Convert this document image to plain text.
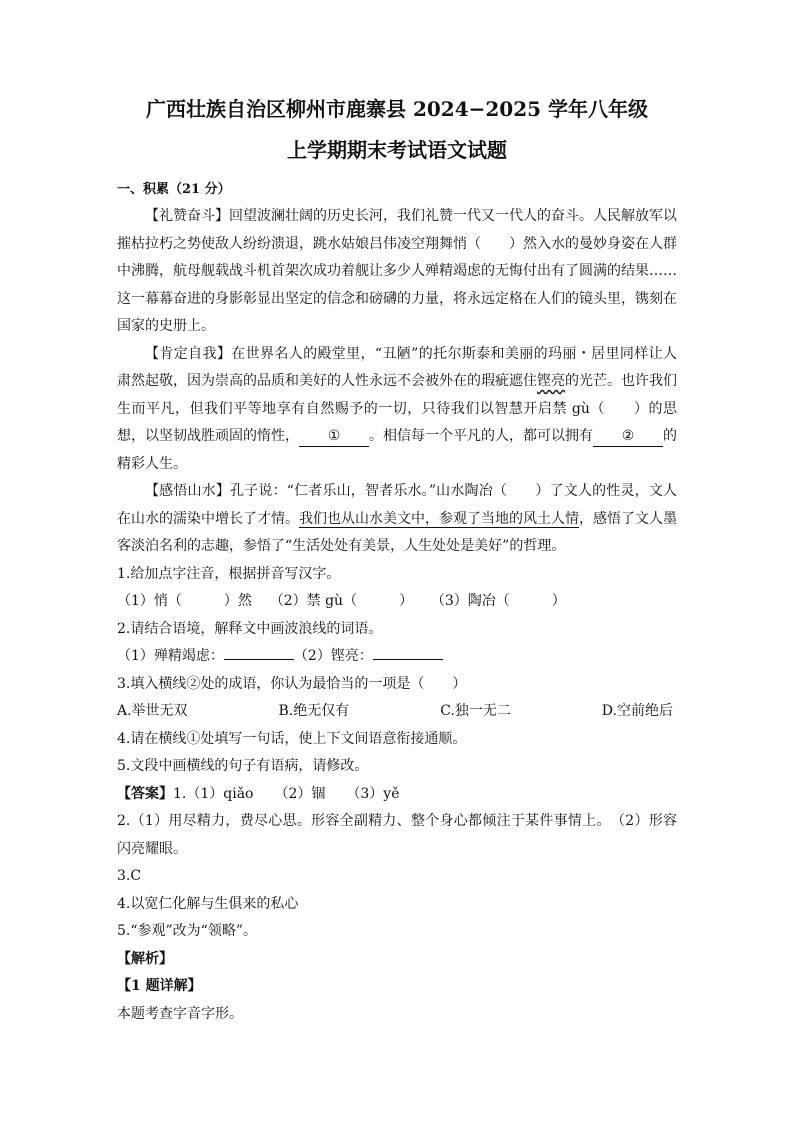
广西壮族自治区柳州市鹿寨县 2024−2025 学年八年级
上学期期末考试语文试题
一、积累（21 分）

【礼赞奋斗】回望波澜壮阔的历史长河，我们礼赞一代又一代人的奋斗。人民解放军以摧枯拉朽之势使敌人纷纷溃退，跳水姑娘吕伟凌空翔舞悄（　　）然入水的曼妙身姿在人群中沸腾，航母舰载战斗机首架次成功着舰让多少人殚精竭虑的无悔付出有了圆满的结果……这一幕幕奋进的身影彰显出坚定的信念和磅礴的力量，将永远定格在人们的镜头里，镌刻在国家的史册上。

【肯定自我】在世界名人的殿堂里，“丑陋”的托尔斯泰和美丽的玛丽・居里同样让人肃然起敬，因为崇高的品质和美好的人性永远不会被外在的瑕疵遮住铿亮的光芒。也许我们生而平凡，但我们平等地享有自然赐予的一切，只待我们以智慧开启禁 gù（　　）的思想，以坚韧战胜顽固的惰性， ① 。相信每一个平凡的人，都可以拥有 ② 的精彩人生。

【感悟山水】孔子说：“仁者乐山，智者乐水。”山水陶冶（　　）了文人的性灵，文人在山水的濡染中增长了才情。我们也从山水美文中，参观了当地的风土人情，感悟了文人墨客淡泊名利的志趣，参悟了“生活处处有美景，人生处处是美好”的哲理。

1.给加点字注音，根据拼音写汉字。
（1）悄（　　　）然 （2）禁 gù（　　　） （3）陶冶（　　　）
2.请结合语境，解释文中画波浪线的词语。
（1）殚精竭虑：	（2）铿亮：
3.填入横线②处的成语，你认为最恰当的一项是（　　）
A.举世无双	B.绝无仅有	C.独一无二	D.空前绝后
4.请在横线①处填写一句话，使上下文间语意衔接通顺。
5.文段中画横线的句子有语病，请修改。
【答案】1.（1）qiǎo　　（2）锢　　（3）yě

2.（1）用尽精力，费尽心思。形容全副精力、整个身心都倾注于某件事情上。　（2）形容闪亮耀眼。

3.C
4.以宽仁化解与生俱来的私心
5.“参观”改为“领略”。
【解析】
【1 题详解】
本题考查字音字形。
